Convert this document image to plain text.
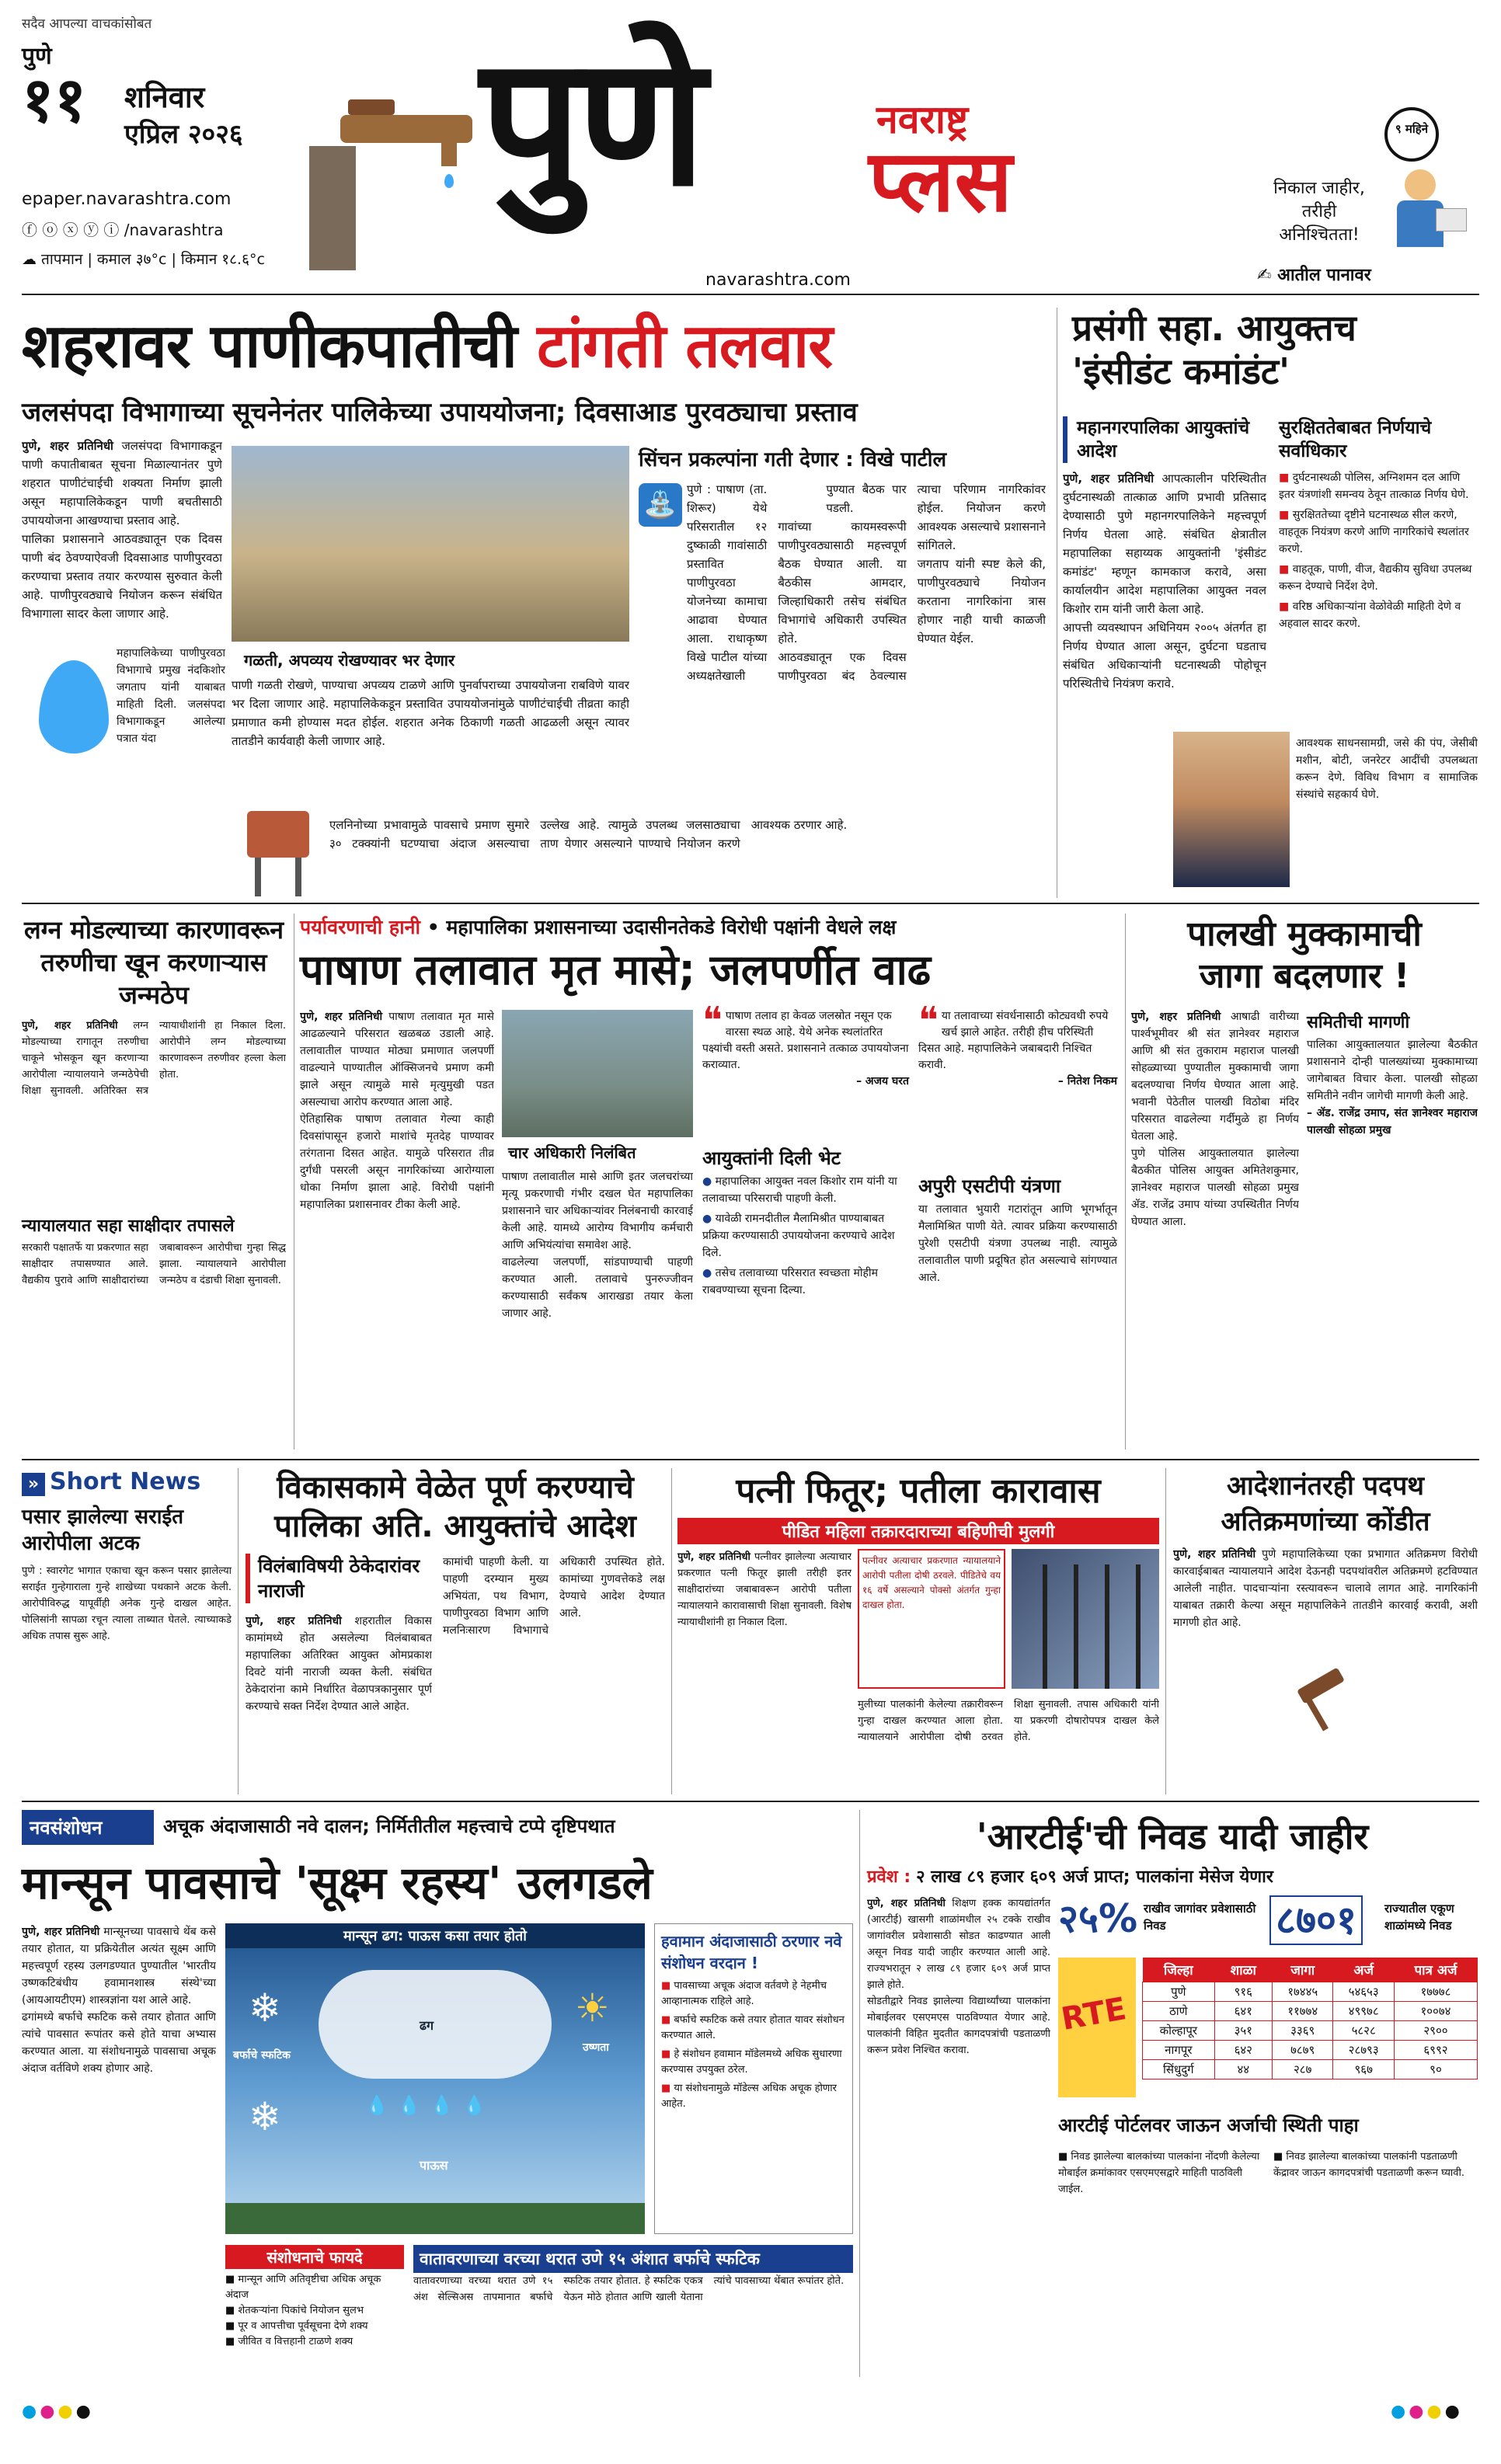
सदैव आपल्या वाचकांसोबत
पुणे
११ शनिवार
एप्रिल २०२६
epaper.navarashtra.com
ⓕ ⓞ ⓧ ⓨ ⓘ /navarashtra
☁ तापमान | कमाल ३७°c | किमान १८.६°c
पुणे	नवराष्ट्र
प्लस
navarashtra.com
९ महिने
निकाल जाहीर,
तरीही
अनिश्चितता!
✍ आतील पानावर
शहरावर पाणीकपातीची टांगती तलवार
जलसंपदा विभागाच्या सूचनेनंतर पालिकेच्या उपाययोजना; दिवसाआड पुरवठ्याचा प्रस्ताव

पुणे, शहर प्रतिनिधी जलसंपदा विभागाकडून पाणी कपातीबाबत सूचना मिळाल्यानंतर पुणे शहरात पाणीटंचाईची शक्यता निर्माण झाली असून महापालिकेकडून पाणी बचतीसाठी उपाययोजना आखण्याचा प्रस्ताव आहे.

पालिका प्रशासनाने आठवड्यातून एक दिवस पाणी बंद ठेवण्याऐवजी दिवसाआड पाणीपुरवठा करण्याचा प्रस्ताव तयार करण्यास सुरुवात केली आहे. पाणीपुरवठ्याचे नियोजन करून संबंधित विभागाला सादर केला जाणार आहे.

महापालिकेच्या पाणीपुरवठा विभागाचे प्रमुख नंदकिशोर जगताप यांनी याबाबत माहिती दिली. जलसंपदा विभागाकडून आलेल्या पत्रात यंदा

गळती, अपव्यय रोखण्यावर भर देणार

पाणी गळती रोखणे, पाण्याचा अपव्यय टाळणे आणि पुनर्वापराच्या उपाययोजना राबविणे यावर भर दिला जाणार आहे. महापालिकेकडून प्रस्तावित उपाययोजनांमुळे पाणीटंचाईची तीव्रता काही प्रमाणात कमी होण्यास मदत होईल. शहरात अनेक ठिकाणी गळती आढळली असून त्यावर तातडीने कार्यवाही केली जाणार आहे.

एलनिनोच्या प्रभावामुळे पावसाचे प्रमाण सुमारे ३० टक्क्यांनी घटण्याचा अंदाज असल्याचा उल्लेख आहे. त्यामुळे उपलब्ध जलसाठ्याचा ताण येणार असल्याने पाण्याचे नियोजन करणे आवश्यक ठरणार आहे.

सिंचन प्रकल्पांना गती देणार : विखे पाटील
⛲ पुणे : पाषाण (ता. शिरूर) येथे परिसरातील १२ दुष्काळी गावांसाठी प्रस्तावित पाणीपुरवठा योजनेच्या कामाचा आढावा घेण्यात आला. राधाकृष्ण विखे पाटील यांच्या अध्यक्षतेखाली पुण्यात बैठक पार पडली.

गावांच्या कायमस्वरूपी पाणीपुरवठ्यासाठी महत्त्वपूर्ण बैठक घेण्यात आली. या बैठकीस आमदार, जिल्हाधिकारी तसेच संबंधित विभागांचे अधिकारी उपस्थित होते.

आठवड्यातून एक दिवस पाणीपुरवठा बंद ठेवल्यास त्याचा परिणाम नागरिकांवर होईल. नियोजन करणे आवश्यक असल्याचे प्रशासनाने सांगितले.

जगताप यांनी स्पष्ट केले की, पाणीपुरवठ्याचे नियोजन करताना नागरिकांना त्रास होणार नाही याची काळजी घेण्यात येईल.

प्रसंगी सहा. आयुक्तच
'इंसीडंट कमांडंट'
महानगरपालिका आयुक्तांचे आदेश
सुरक्षिततेबाबत निर्णयाचे सर्वाधिकार

पुणे, शहर प्रतिनिधी आपत्कालीन परिस्थितीत दुर्घटनास्थळी तात्काळ आणि प्रभावी प्रतिसाद देण्यासाठी पुणे महानगरपालिकेने महत्त्वपूर्ण निर्णय घेतला आहे. संबंधित क्षेत्रातील महापालिका सहाय्यक आयुक्तांनी 'इंसीडंट कमांडंट' म्हणून कामकाज करावे, असा कार्यालयीन आदेश महापालिका आयुक्त नवल किशोर राम यांनी जारी केला आहे.

आपत्ती व्यवस्थापन अधिनियम २००५ अंतर्गत हा निर्णय घेण्यात आला असून, दुर्घटना घडताच संबंधित अधिकाऱ्यांनी घटनास्थळी पोहोचून परिस्थितीचे नियंत्रण करावे.

■ दुर्घटनास्थळी पोलिस, अग्निशमन दल आणि इतर यंत्रणांशी समन्वय ठेवून तात्काळ निर्णय घेणे.
■ सुरक्षिततेच्या दृष्टीने घटनास्थळ सील करणे, वाहतूक नियंत्रण करणे आणि नागरिकांचे स्थलांतर करणे.
■ वाहतूक, पाणी, वीज, वैद्यकीय सुविधा उपलब्ध करून देण्याचे निर्देश देणे.
■ वरिष्ठ अधिकाऱ्यांना वेळोवेळी माहिती देणे व अहवाल सादर करणे.

आवश्यक साधनसामग्री, जसे की पंप, जेसीबी मशीन, बोटी, जनरेटर आदींची उपलब्धता करून देणे. विविध विभाग व सामाजिक संस्थांचे सहकार्य घेणे.

लग्न मोडल्याच्या कारणावरून तरुणीचा खून करणाऱ्यास जन्मठेप

पुणे, शहर प्रतिनिधी लग्न मोडल्याच्या रागातून तरुणीचा चाकूने भोसकून खून करणाऱ्या आरोपीला न्यायालयाने जन्मठेपेची शिक्षा सुनावली. अतिरिक्त सत्र न्यायाधीशांनी हा निकाल दिला. आरोपीने लग्न मोडल्याच्या कारणावरून तरुणीवर हल्ला केला होता.

न्यायालयात सहा साक्षीदार तपासले

सरकारी पक्षातर्फे या प्रकरणात सहा साक्षीदार तपासण्यात आले. वैद्यकीय पुरावे आणि साक्षीदारांच्या जबाबावरून आरोपीचा गुन्हा सिद्ध झाला. न्यायालयाने आरोपीला जन्मठेप व दंडाची शिक्षा सुनावली.

पर्यावरणाची हानी • महापालिका प्रशासनाच्या उदासीनतेकडे विरोधी पक्षांनी वेधले लक्ष
पाषाण तलावात मृत मासे; जलपर्णीत वाढ

पुणे, शहर प्रतिनिधी पाषाण तलावात मृत मासे आढळल्याने परिसरात खळबळ उडाली आहे. तलावातील पाण्यात मोठ्या प्रमाणात जलपर्णी वाढल्याने पाण्यातील ऑक्सिजनचे प्रमाण कमी झाले असून त्यामुळे मासे मृत्युमुखी पडत असल्याचा आरोप करण्यात आला आहे.

ऐतिहासिक पाषाण तलावात गेल्या काही दिवसांपासून हजारो माशांचे मृतदेह पाण्यावर तरंगताना दिसत आहेत. यामुळे परिसरात तीव्र दुर्गंधी पसरली असून नागरिकांच्या आरोग्याला धोका निर्माण झाला आहे. विरोधी पक्षांनी महापालिका प्रशासनावर टीका केली आहे.

चार अधिकारी निलंबित

पाषाण तलावातील मासे आणि इतर जलचरांच्या मृत्यू प्रकरणाची गंभीर दखल घेत महापालिका प्रशासनाने चार अधिकाऱ्यांवर निलंबनाची कारवाई केली आहे. यामध्ये आरोग्य विभागीय कर्मचारी आणि अभियंत्यांचा समावेश आहे.

वाढलेल्या जलपर्णी, सांडपाण्याची पाहणी करण्यात आली. तलावाचे पुनरुज्जीवन करण्यासाठी सर्वंकष आराखडा तयार केला जाणार आहे.

❝ पाषाण तलाव हा केवळ जलस्रोत नसून एक वारसा स्थळ आहे. येथे अनेक स्थलांतरित पक्ष्यांची वस्ती असते. प्रशासनाने तत्काळ उपाययोजना कराव्यात.
– अजय घरत
❝ या तलावाच्या संवर्धनासाठी कोट्यवधी रुपये खर्च झाले आहेत. तरीही हीच परिस्थिती दिसत आहे. महापालिकेने जबाबदारी निश्चित करावी.
– नितेश निकम
आयुक्तांनी दिली भेट
● महापालिका आयुक्त नवल किशोर राम यांनी या तलावाच्या परिसराची पाहणी केली.
● यावेळी रामनदीतील मैलामिश्रीत पाण्याबाबत प्रक्रिया करण्यासाठी उपाययोजना करण्याचे आदेश दिले.
● तसेच तलावाच्या परिसरात स्वच्छता मोहीम राबवण्याच्या सूचना दिल्या.
अपुरी एसटीपी यंत्रणा

या तलावात भुयारी गटारांतून आणि भूगर्भातून मैलामिश्रित पाणी येते. त्यावर प्रक्रिया करण्यासाठी पुरेशी एसटीपी यंत्रणा उपलब्ध नाही. त्यामुळे तलावातील पाणी प्रदूषित होत असल्याचे सांगण्यात आले.

पालखी मुक्कामाची
जागा बदलणार !

पुणे, शहर प्रतिनिधी आषाढी वारीच्या पार्श्वभूमीवर श्री संत ज्ञानेश्वर महाराज आणि श्री संत तुकाराम महाराज पालखी सोहळ्याच्या पुण्यातील मुक्कामाची जागा बदलण्याचा निर्णय घेण्यात आला आहे. भवानी पेठेतील पालखी विठोबा मंदिर परिसरात वाढलेल्या गर्दीमुळे हा निर्णय घेतला आहे.

पुणे पोलिस आयुक्तालयात झालेल्या बैठकीत पोलिस आयुक्त अमितेशकुमार, ज्ञानेश्वर महाराज पालखी सोहळा प्रमुख ॲड. राजेंद्र उमाप यांच्या उपस्थितीत निर्णय घेण्यात आला.

समितीची मागणी

पालिका आयुक्तालयात झालेल्या बैठकीत प्रशासनाने दोन्ही पालख्यांच्या मुक्कामाच्या जागेबाबत विचार केला. पालखी सोहळा समितीने नवीन जागेची मागणी केली आहे.

– ॲड. राजेंद्र उमाप, संत ज्ञानेश्वर महाराज पालखी सोहळा प्रमुख

» Short News
पसार झालेल्या सराईत आरोपीला अटक
पुणे : स्वारगेट भागात एकाचा खून करून पसार झालेल्या सराईत गुन्हेगाराला गुन्हे शाखेच्या पथकाने अटक केली. आरोपीविरुद्ध यापूर्वीही अनेक गुन्हे दाखल आहेत. पोलिसांनी सापळा रचून त्याला ताब्यात घेतले. त्याच्याकडे अधिक तपास सुरू आहे.
विकासकामे वेळेत पूर्ण करण्याचे पालिका अति. आयुक्तांचे आदेश
विलंबाविषयी ठेकेदारांवर नाराजी

पुणे, शहर प्रतिनिधी शहरातील विकास कामांमध्ये होत असलेल्या विलंबाबाबत महापालिका अतिरिक्त आयुक्त ओमप्रकाश दिवटे यांनी नाराजी व्यक्त केली. संबंधित ठेकेदारांना कामे निर्धारित वेळापत्रकानुसार पूर्ण करण्याचे सक्त निर्देश देण्यात आले आहेत.

कामांची पाहणी केली. या पाहणी दरम्यान मुख्य अभियंता, पथ विभाग, पाणीपुरवठा विभाग आणि मलनिःसारण विभागाचे अधिकारी उपस्थित होते. कामांच्या गुणवत्तेकडे लक्ष देण्याचे आदेश देण्यात आले.

पत्नी फितूर; पतीला कारावास
पीडित महिला तक्रारदाराच्या बहिणीची मुलगी

पुणे, शहर प्रतिनिधी पत्नीवर झालेल्या अत्याचार प्रकरणात पत्नी फितूर झाली तरीही इतर साक्षीदारांच्या जबाबावरून आरोपी पतीला न्यायालयाने कारावासाची शिक्षा सुनावली. विशेष न्यायाधीशांनी हा निकाल दिला.

पत्नीवर अत्याचार प्रकरणात न्यायालयाने आरोपी पतीला दोषी ठरवले. पीडितेचे वय १६ वर्षे असल्याने पोक्सो अंतर्गत गुन्हा दाखल होता.

मुलीच्या पालकांनी केलेल्या तक्रारीवरून गुन्हा दाखल करण्यात आला होता. न्यायालयाने आरोपीला दोषी ठरवत शिक्षा सुनावली. तपास अधिकारी यांनी या प्रकरणी दोषारोपपत्र दाखल केले होते.

आदेशानंतरही पदपथ
अतिक्रमणांच्या कोंडीत

पुणे, शहर प्रतिनिधी पुणे महापालिकेच्या एका प्रभागात अतिक्रमण विरोधी कारवाईबाबत न्यायालयाने आदेश देऊनही पदपथांवरील अतिक्रमणे हटविण्यात आलेली नाहीत. पादचाऱ्यांना रस्त्यावरून चालावे लागत आहे. नागरिकांनी याबाबत तक्रारी केल्या असून महापालिकेने तातडीने कारवाई करावी, अशी मागणी होत आहे.

नवसंशोधन	अचूक अंदाजासाठी नवे दालन; निर्मितीतील महत्त्वाचे टप्पे दृष्टिपथात
मान्सून पावसाचे 'सूक्ष्म रहस्य' उलगडले

पुणे, शहर प्रतिनिधी मान्सूनच्या पावसाचे थेंब कसे तयार होतात, या प्रक्रियेतील अत्यंत सूक्ष्म आणि महत्त्वपूर्ण रहस्य उलगडण्यात पुण्यातील 'भारतीय उष्णकटिबंधीय हवामानशास्त्र संस्थे'च्या (आयआयटीएम) शास्त्रज्ञांना यश आले आहे.

ढगांमध्ये बर्फाचे स्फटिक कसे तयार होतात आणि त्यांचे पावसात रूपांतर कसे होते याचा अभ्यास करण्यात आला. या संशोधनामुळे पावसाचा अचूक अंदाज वर्तविणे शक्य होणार आहे.

मान्सून ढग: पाऊस कसा तयार होतो
❄
❄
☀
बर्फाचे स्फटिक
उष्णता
ढग
पाऊस
💧💧💧💧
हवामान अंदाजासाठी ठरणार नवे संशोधन वरदान !
■ पावसाच्या अचूक अंदाज वर्तवणे हे नेहमीच आव्हानात्मक राहिले आहे.
■ बर्फाचे स्फटिक कसे तयार होतात यावर संशोधन करण्यात आले.
■ हे संशोधन हवामान मॉडेलमध्ये अधिक सुधारणा करण्यास उपयुक्त ठरेल.
■ या संशोधनामुळे मॉडेल्स अधिक अचूक होणार आहेत.
संशोधनाचे फायदे
■ मान्सून आणि अतिवृष्टीचा अधिक अचूक अंदाज
■ शेतकऱ्यांना पिकांचे नियोजन सुलभ
■ पूर व आपत्तीचा पूर्वसूचना देणे शक्य
■ जीवित व वित्तहानी टाळणे शक्य
वातावरणाच्या वरच्या थरात उणे १५ अंशात बर्फाचे स्फटिक

वातावरणाच्या वरच्या थरात उणे १५ अंश सेल्सिअस तापमानात बर्फाचे स्फटिक तयार होतात. हे स्फटिक एकत्र येऊन मोठे होतात आणि खाली येताना त्यांचे पावसाच्या थेंबात रूपांतर होते.

'आरटीई'ची निवड यादी जाहीर
प्रवेश : २ लाख ८९ हजार ६०९ अर्ज प्राप्त; पालकांना मेसेज येणार

पुणे, शहर प्रतिनिधी शिक्षण हक्क कायद्यांतर्गत (आरटीई) खासगी शाळांमधील २५ टक्के राखीव जागांवरील प्रवेशासाठी सोडत काढण्यात आली असून निवड यादी जाहीर करण्यात आली आहे. राज्यभरातून २ लाख ८९ हजार ६०९ अर्ज प्राप्त झाले होते.

सोडतीद्वारे निवड झालेल्या विद्यार्थ्यांच्या पालकांना मोबाईलवर एसएमएस पाठविण्यात येणार आहे. पालकांनी विहित मुदतीत कागदपत्रांची पडताळणी करून प्रवेश निश्चित करावा.

२५% राखीव जागांवर प्रवेशासाठी निवड	८७०१	राज्यातील एकूण शाळांमध्ये निवड
RTE
जिल्हा	शाळा	जागा	अर्ज	पात्र अर्ज
पुणे	९१६	१७४४५	५४६५३	१७७७८
ठाणे	६४१	११७७४	४९९७८	१००७४
कोल्हापूर	३५१	३३६९	५८२८	२९००
नागपूर	६४२	७८७९	२८७९३	६९९२
सिंधुदुर्ग	४४	२८७	९६७	९०
आरटीई पोर्टलवर जाऊन अर्जाची स्थिती पाहा
■ निवड झालेल्या बालकांच्या पालकांना नोंदणी केलेल्या मोबाईल क्रमांकावर एसएमएसद्वारे माहिती पाठविली जाईल.
■ निवड झालेल्या बालकांच्या पालकांनी पडताळणी केंद्रावर जाऊन कागदपत्रांची पडताळणी करून घ्यावी.
●●●●	●●●●
